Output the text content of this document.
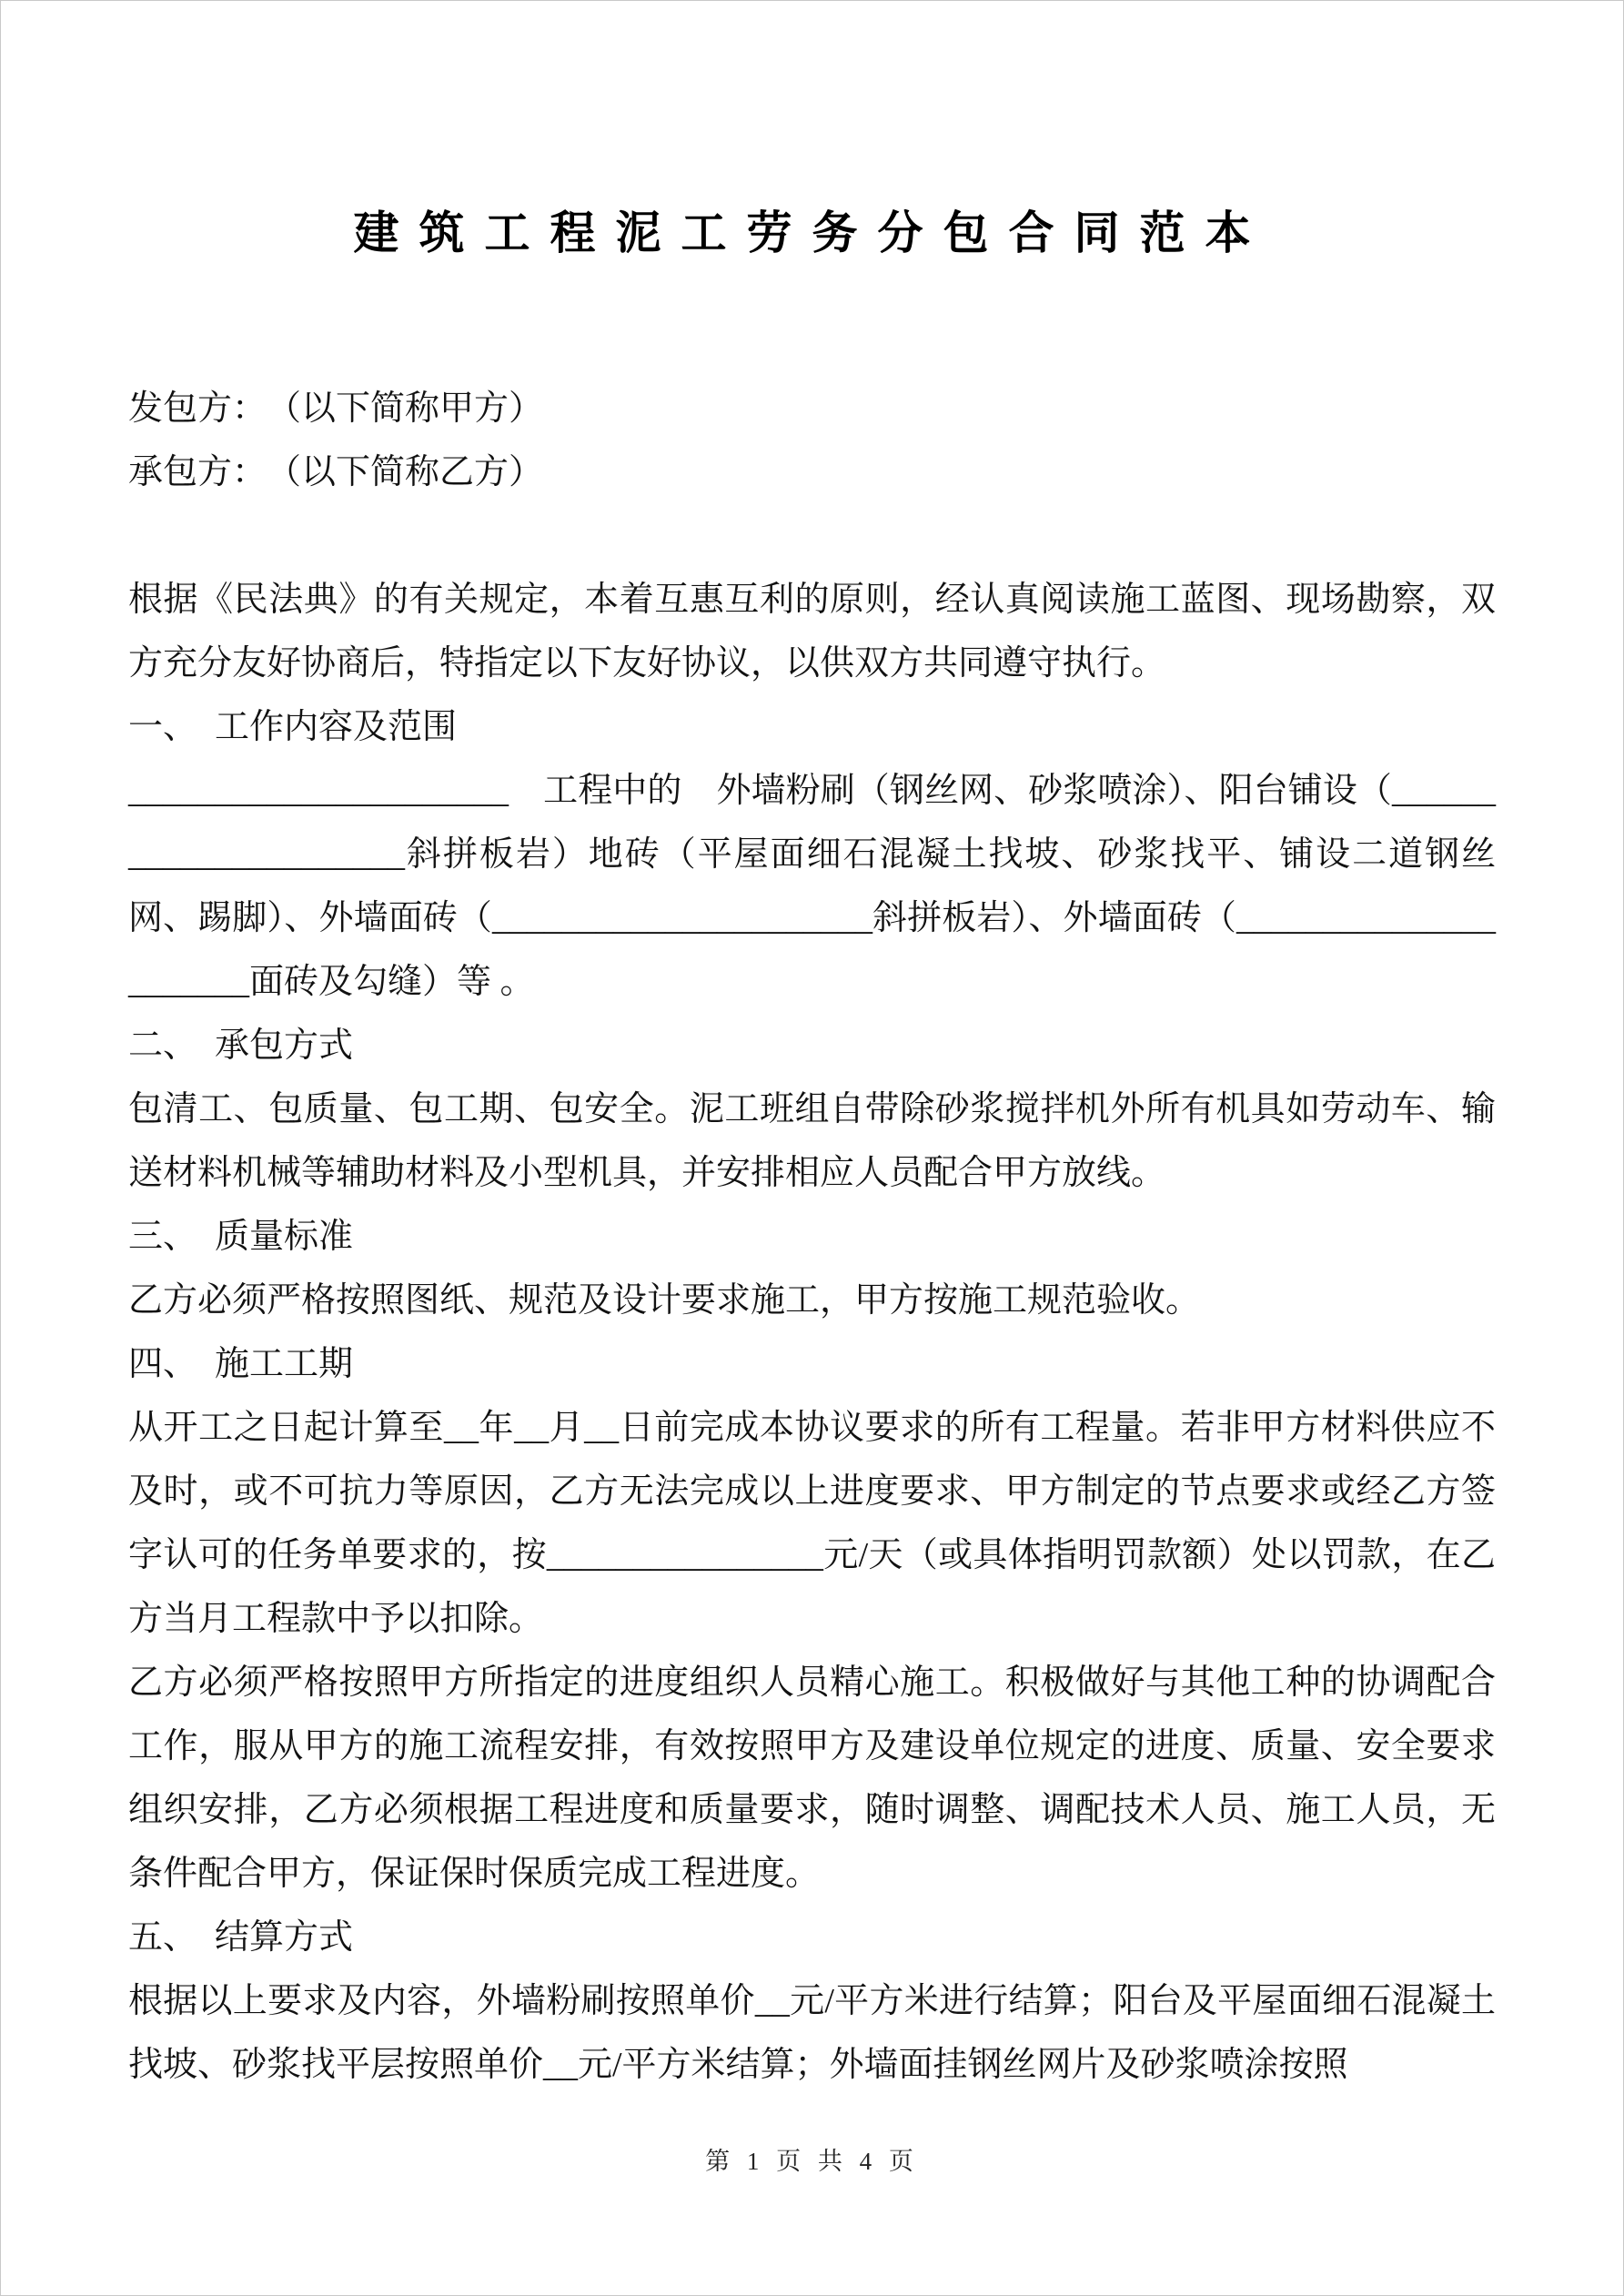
建筑工程泥工劳务分包合同范本

发包方：　（以下简称甲方）

承包方：　（以下简称乙方）

根据《民法典》的有关规定，本着互惠互利的原则，经认真阅读施工蓝图、现场勘察，双方充分友好协商后，特指定以下友好协议，以供双方共同遵守执行。

一、　工作内容及范围

______________________　工程中的　外墙粉刷（钢丝网、砂浆喷涂）、阳台铺设（______________________斜拼板岩）地砖（平屋面细石混凝土找坡、砂浆找平、铺设二道钢丝网、踢脚）、外墙面砖（______________________斜拼板岩）、外墙面砖（______________________面砖及勾缝）等 。

二、　承包方式

包清工、包质量、包工期、包安全。泥工班组自带除砂浆搅拌机外所有机具如劳动车、输送材料机械等辅助材料及小型机具，并安排相应人员配合甲方放线。

三、　质量标准

乙方必须严格按照图纸、规范及设计要求施工，甲方按施工规范验收。

四、　施工工期

从开工之日起计算至__年__月__日前完成本协议要求的所有工程量。若非甲方材料供应不及时，或不可抗力等原因，乙方无法完成以上进度要求、甲方制定的节点要求或经乙方签字认可的任务单要求的，按________________元/天（或具体指明罚款额）处以罚款，在乙方当月工程款中予以扣除。

乙方必须严格按照甲方所指定的进度组织人员精心施工。积极做好与其他工种的协调配合工作，服从甲方的施工流程安排，有效按照甲方及建设单位规定的进度、质量、安全要求组织安排，乙方必须根据工程进度和质量要求，随时调整、调配技术人员、施工人员，无条件配合甲方，保证保时保质完成工程进度。

五、　结算方式

根据以上要求及内容，外墙粉刷按照单价__元/平方米进行结算；阳台及平屋面细石混凝土找坡、砂浆找平层按照单价__元/平方米结算；外墙面挂钢丝网片及砂浆喷涂按照

第 1 页 共 4 页
